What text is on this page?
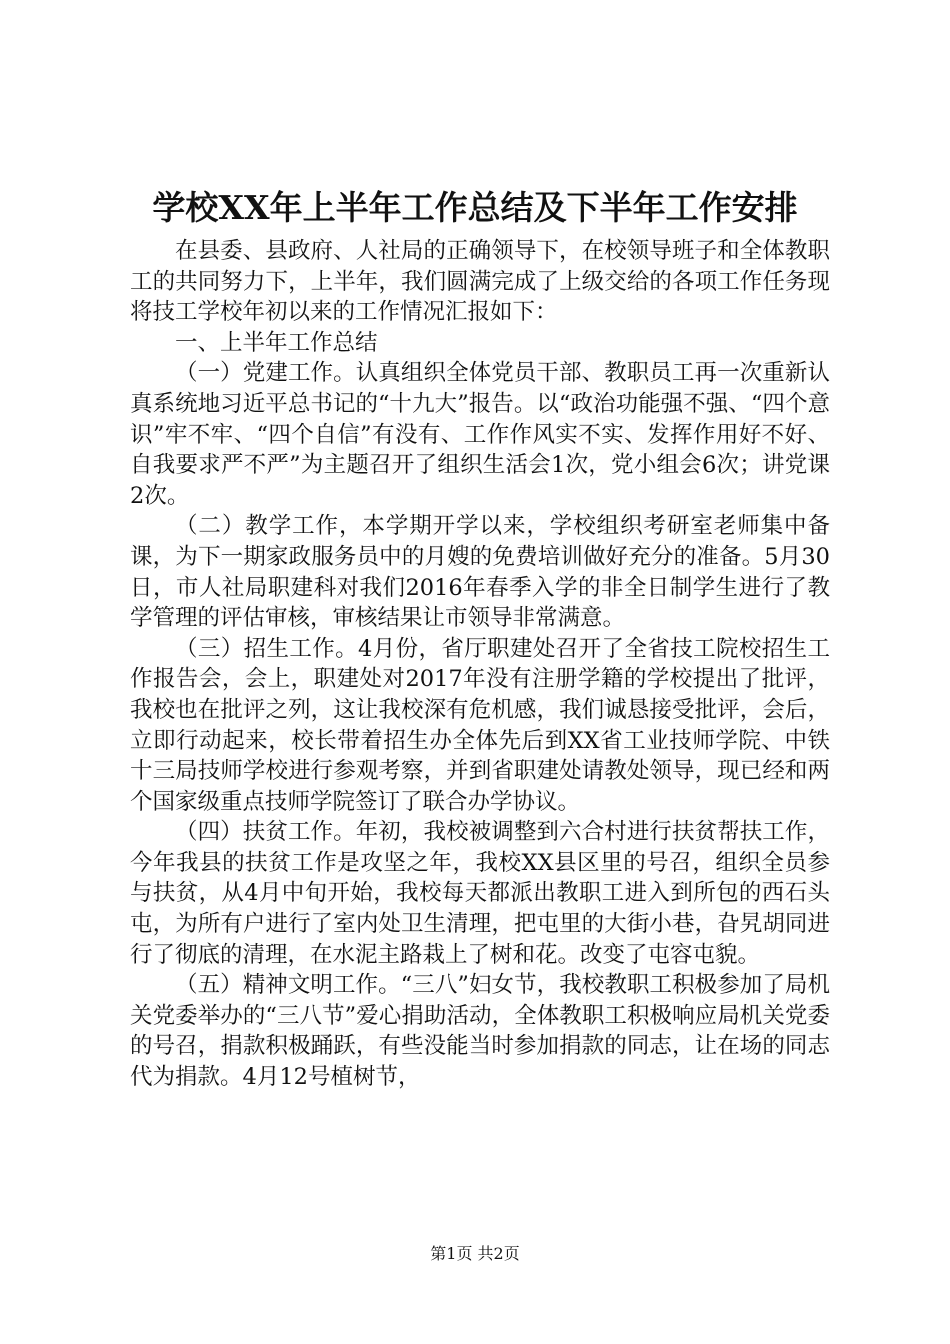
学校XX年上半年工作总结及下半年工作安排

在县委、县政府、人社局的正确领导下，在校领导班子和全体教职工的共同努力下，上半年，我们圆满完成了上级交给的各项工作任务现将技工学校年初以来的工作情况汇报如下：

一、上半年工作总结

（一）党建工作。认真组织全体党员干部、教职员工再一次重新认真系统地习近平总书记的“十九大”报告。以“政治功能强不强、“四个意识”牢不牢、“四个自信”有没有、工作作风实不实、发挥作用好不好、自我要求严不严”为主题召开了组织生活会1次，党小组会6次；讲党课2次。

（二）教学工作，本学期开学以来，学校组织考研室老师集中备课，为下一期家政服务员中的月嫂的免费培训做好充分的准备。5月30日，市人社局职建科对我们2016年春季入学的非全日制学生进行了教学管理的评估审核，审核结果让市领导非常满意。

（三）招生工作。4月份，省厅职建处召开了全省技工院校招生工作报告会，会上，职建处对2017年没有注册学籍的学校提出了批评，我校也在批评之列，这让我校深有危机感，我们诚恳接受批评，会后，立即行动起来，校长带着招生办全体先后到XX省工业技师学院、中铁十三局技师学校进行参观考察，并到省职建处请教处领导，现已经和两个国家级重点技师学院签订了联合办学协议。

（四）扶贫工作。年初，我校被调整到六合村进行扶贫帮扶工作，今年我县的扶贫工作是攻坚之年，我校XX县区里的号召，组织全员参与扶贫，从4月中旬开始，我校每天都派出教职工进入到所包的西石头屯，为所有户进行了室内处卫生清理，把屯里的大街小巷，旮旯胡同进行了彻底的清理，在水泥主路栽上了树和花。改变了屯容屯貌。

（五）精神文明工作。“三八”妇女节，我校教职工积极参加了局机关党委举办的“三八节”爱心捐助活动，全体教职工积极响应局机关党委的号召，捐款积极踊跃，有些没能当时参加捐款的同志，让在场的同志代为捐款。4月12号植树节，

第1页 共2页
